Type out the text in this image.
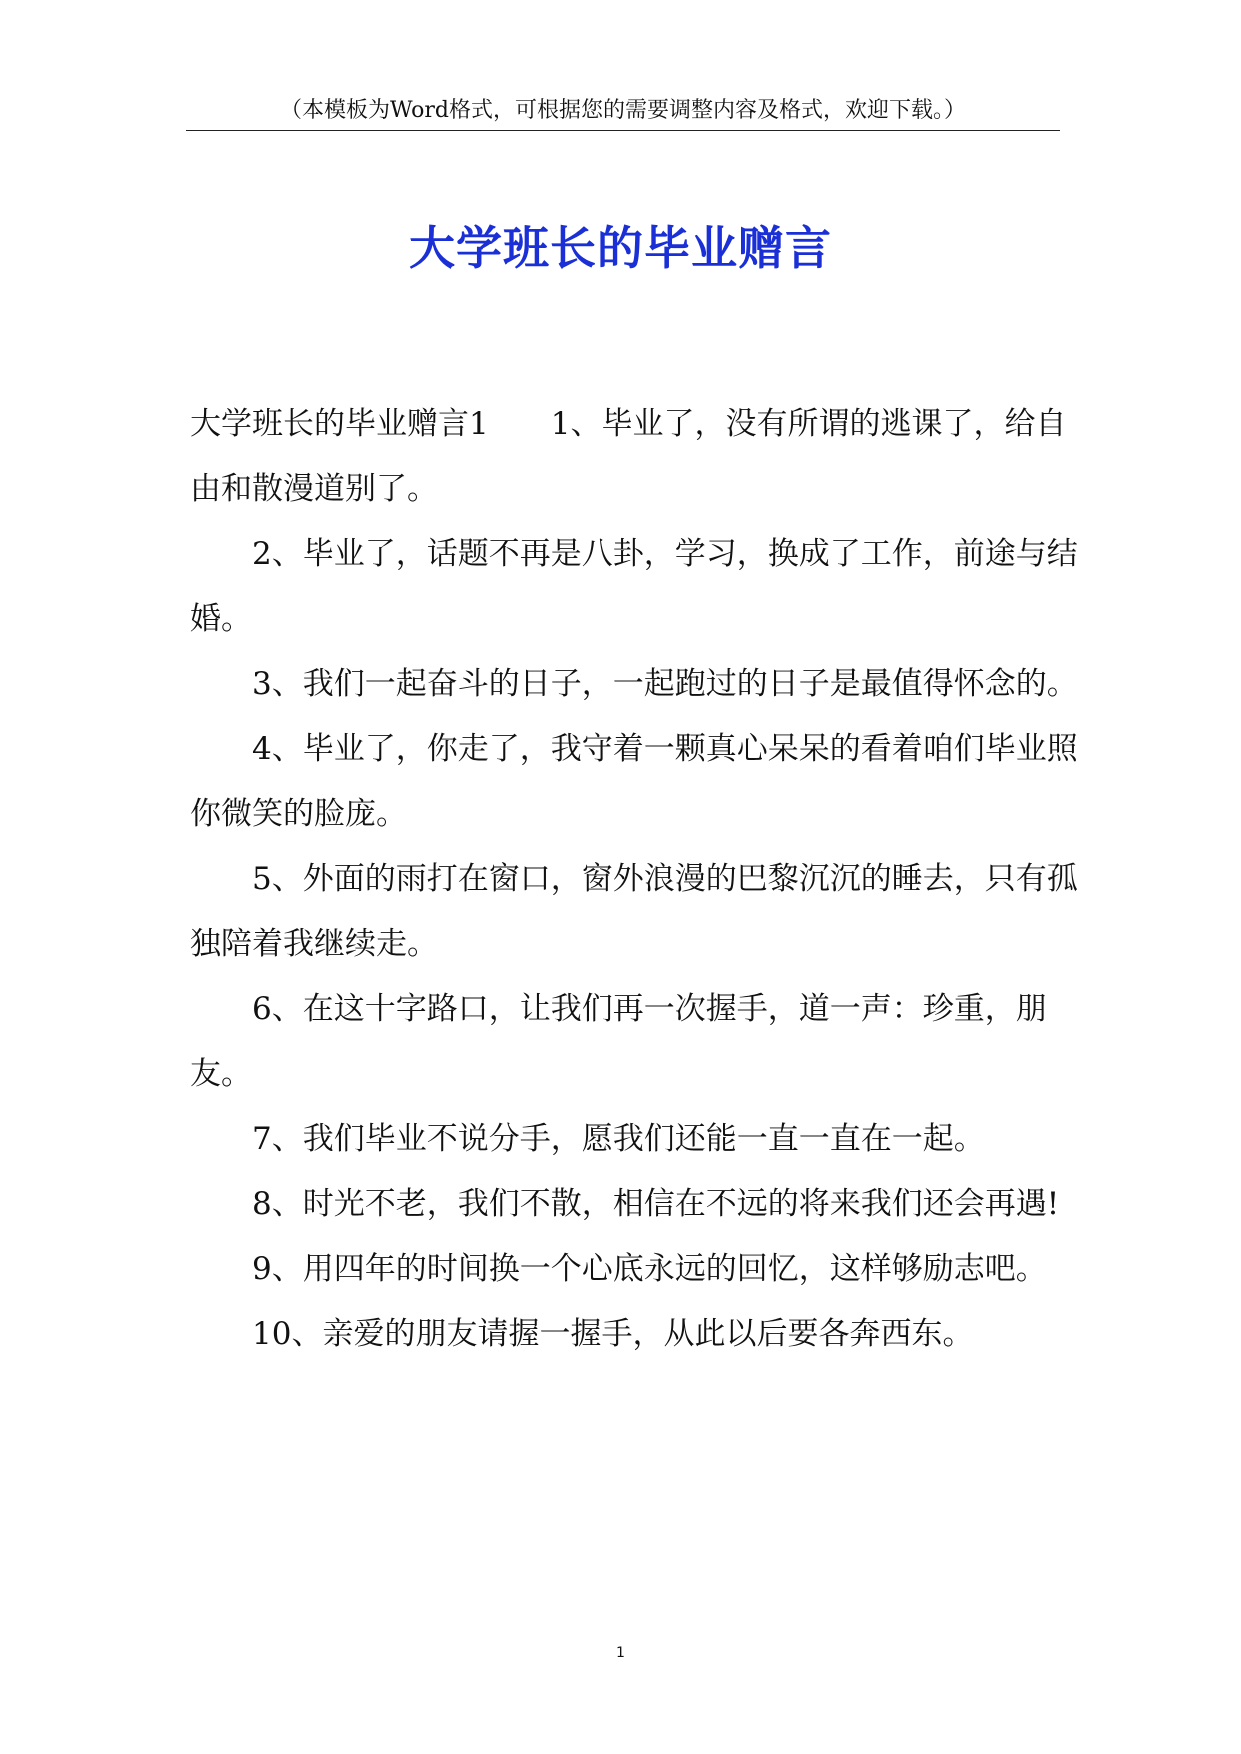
（本模板为Word格式，可根据您的需要调整内容及格式，欢迎下载。）
大学班长的毕业赠言

大学班长的毕业赠言1　　1、毕业了，没有所谓的逃课了，给自由和散漫道别了。

2、毕业了，话题不再是八卦，学习，换成了工作，前途与结婚。

3、我们一起奋斗的日子，一起跑过的日子是最值得怀念的。

4、毕业了，你走了，我守着一颗真心呆呆的看着咱们毕业照你微笑的脸庞。

5、外面的雨打在窗口，窗外浪漫的巴黎沉沉的睡去，只有孤独陪着我继续走。

6、在这十字路口，让我们再一次握手，道一声：珍重，朋友。

7、我们毕业不说分手，愿我们还能一直一直在一起。

8、时光不老，我们不散，相信在不远的将来我们还会再遇!

9、用四年的时间换一个心底永远的回忆，这样够励志吧。

10、亲爱的朋友请握一握手，从此以后要各奔西东。

1
